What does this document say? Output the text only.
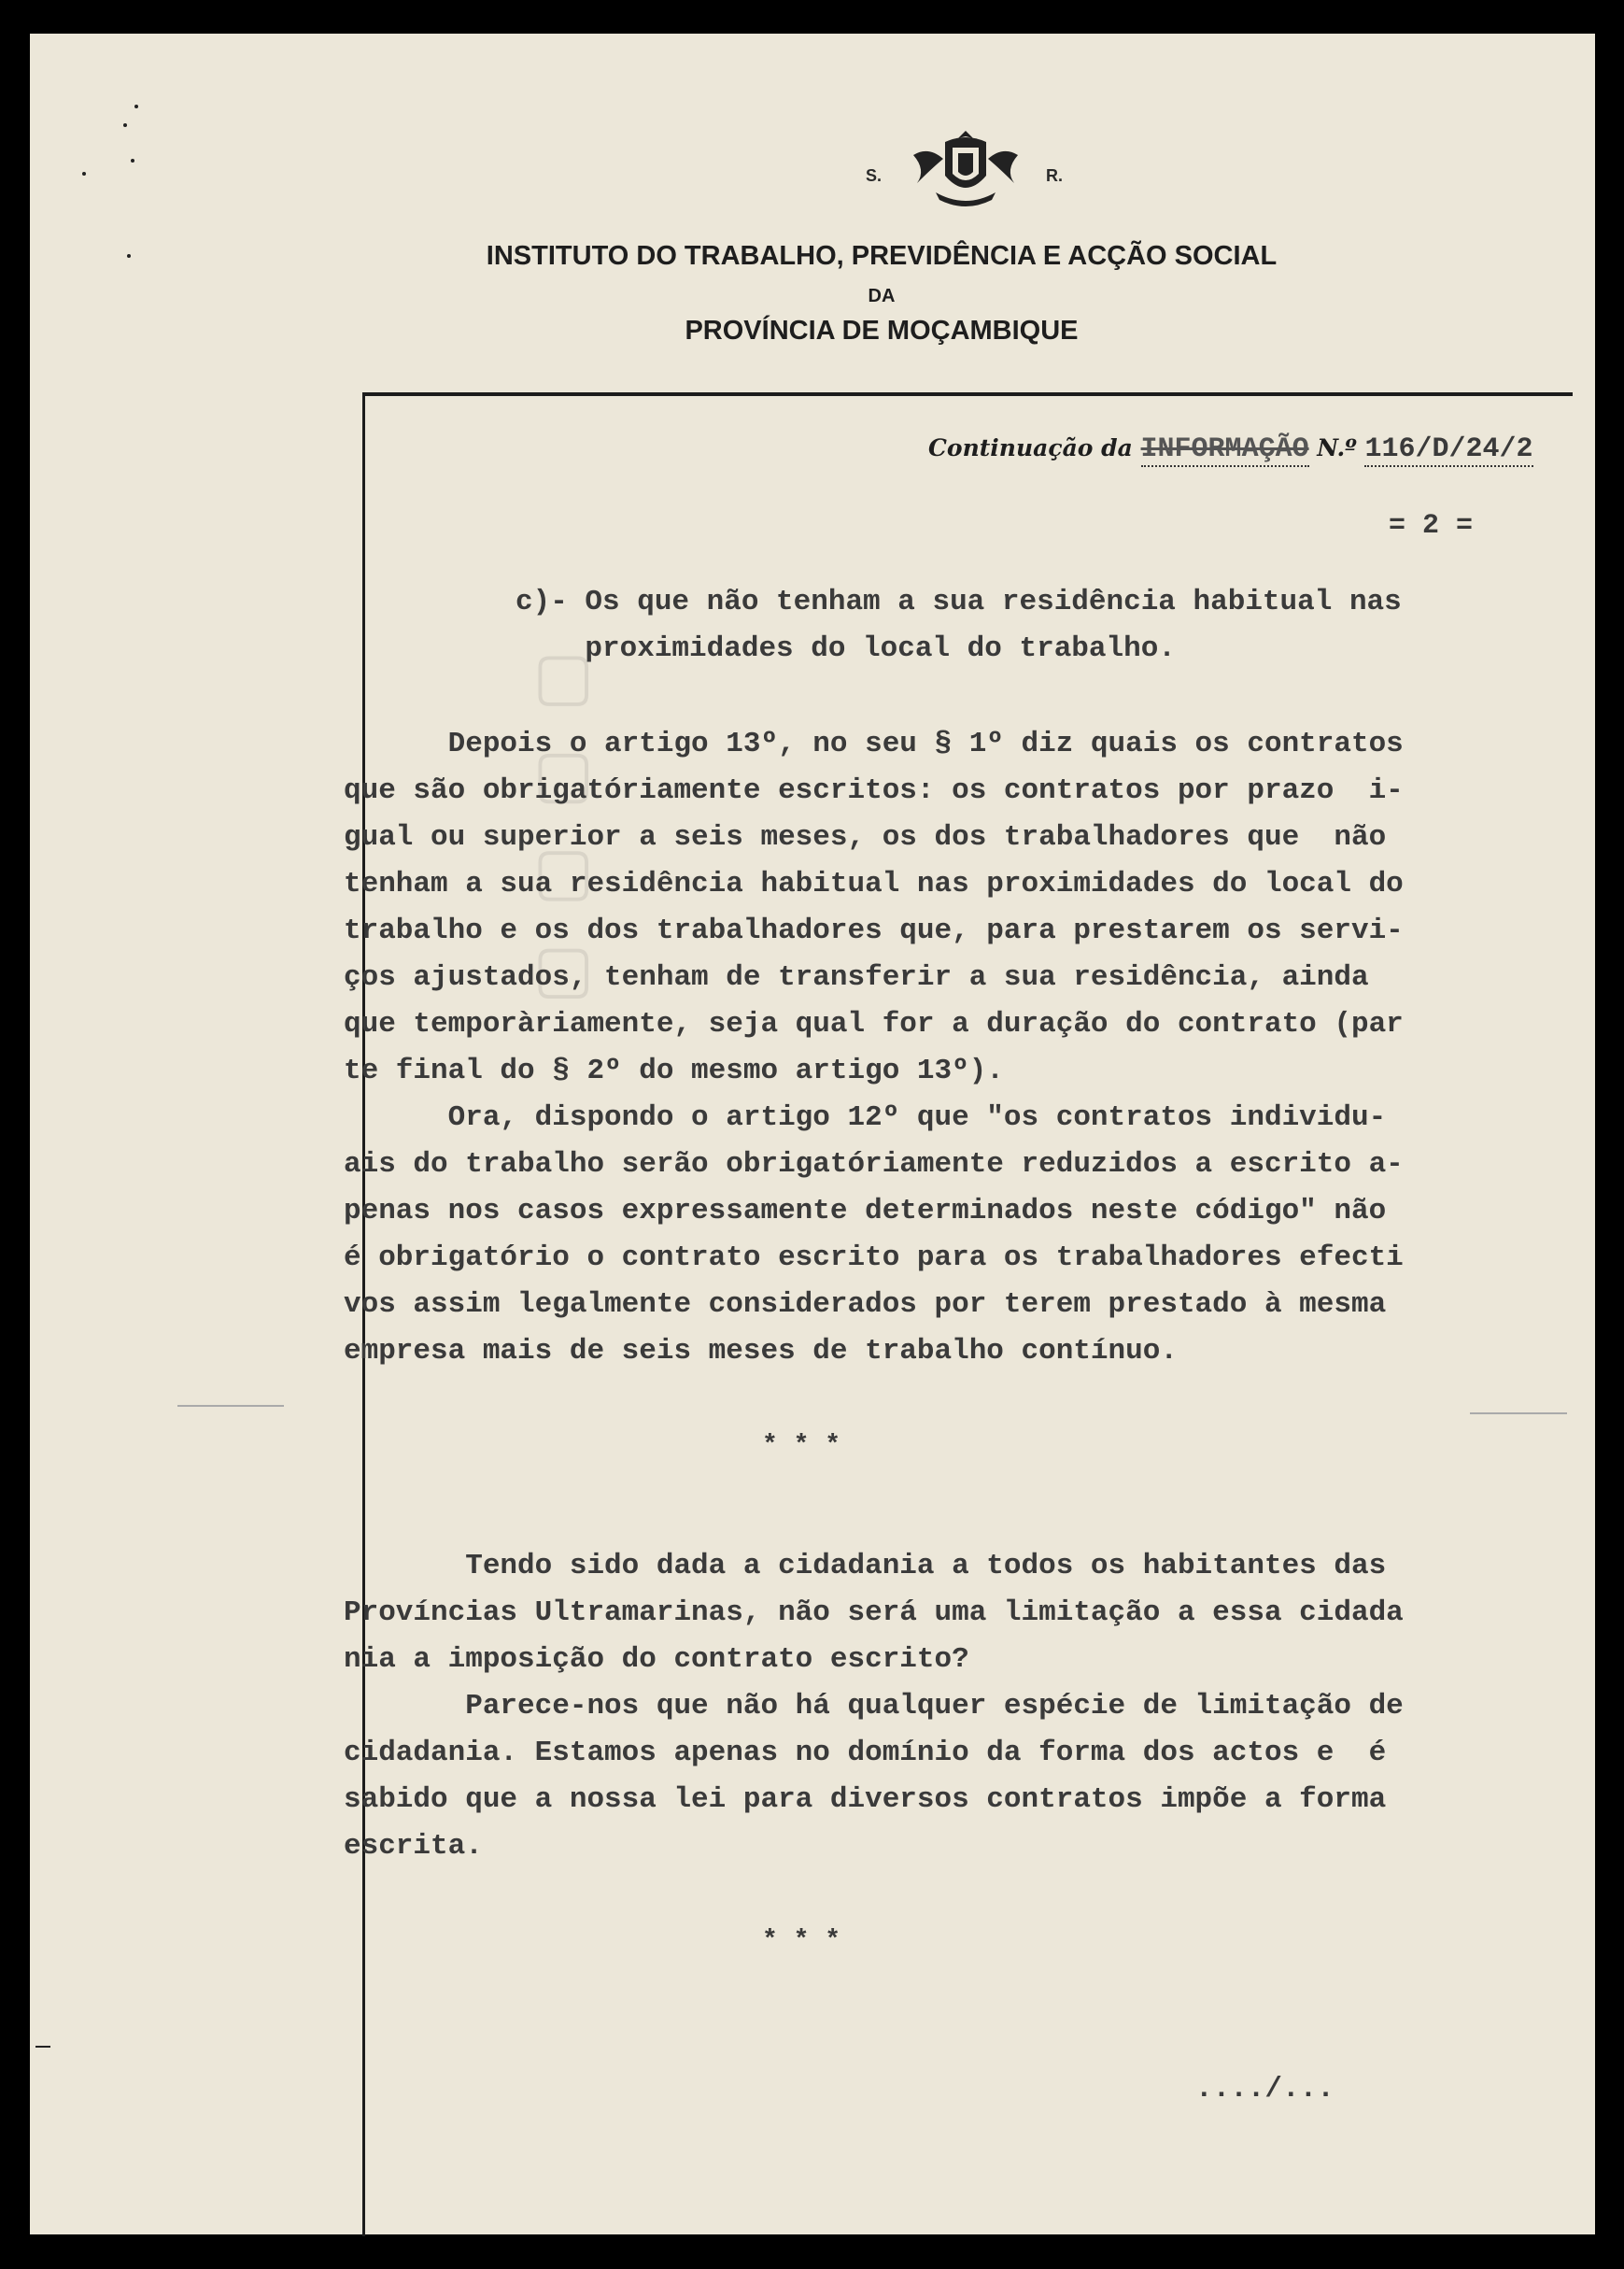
S.	R.
INSTITUTO DO TRABALHO, PREVIDÊNCIA E ACÇÃO SOCIAL
DA
PROVÍNCIA DE MOÇAMBIQUE
▢ ▢ ▢ ▢
Continuação da INFORMAÇÃO N.º 116/D/24/2
= 2 =
c)- Os que não tenham a sua residência habitual nas
proximidades do local do trabalho.
Depois o artigo 13º, no seu § 1º diz quais os contratos
que são obrigatóriamente escritos: os contratos por prazo  i-
gual ou superior a seis meses, os dos trabalhadores que  não
tenham a sua residência habitual nas proximidades do local do
trabalho e os dos trabalhadores que, para prestarem os servi-
ços ajustados, tenham de transferir a sua residência, ainda
que temporàriamente, seja qual for a duração do contrato (par
te final do § 2º do mesmo artigo 13º).
Ora, dispondo o artigo 12º que "os contratos individu-
ais do trabalho serão obrigatóriamente reduzidos a escrito a-
penas nos casos expressamente determinados neste código" não
é obrigatório o contrato escrito para os trabalhadores efecti
vos assim legalmente considerados por terem prestado à mesma
empresa mais de seis meses de trabalho contínuo.
* * *
Tendo sido dada a cidadania a todos os habitantes das
Províncias Ultramarinas, não será uma limitação a essa cidada
nia a imposição do contrato escrito?
Parece-nos que não há qualquer espécie de limitação de
cidadania. Estamos apenas no domínio da forma dos actos e  é
sabido que a nossa lei para diversos contratos impõe a forma
escrita.
* * *
..../...
